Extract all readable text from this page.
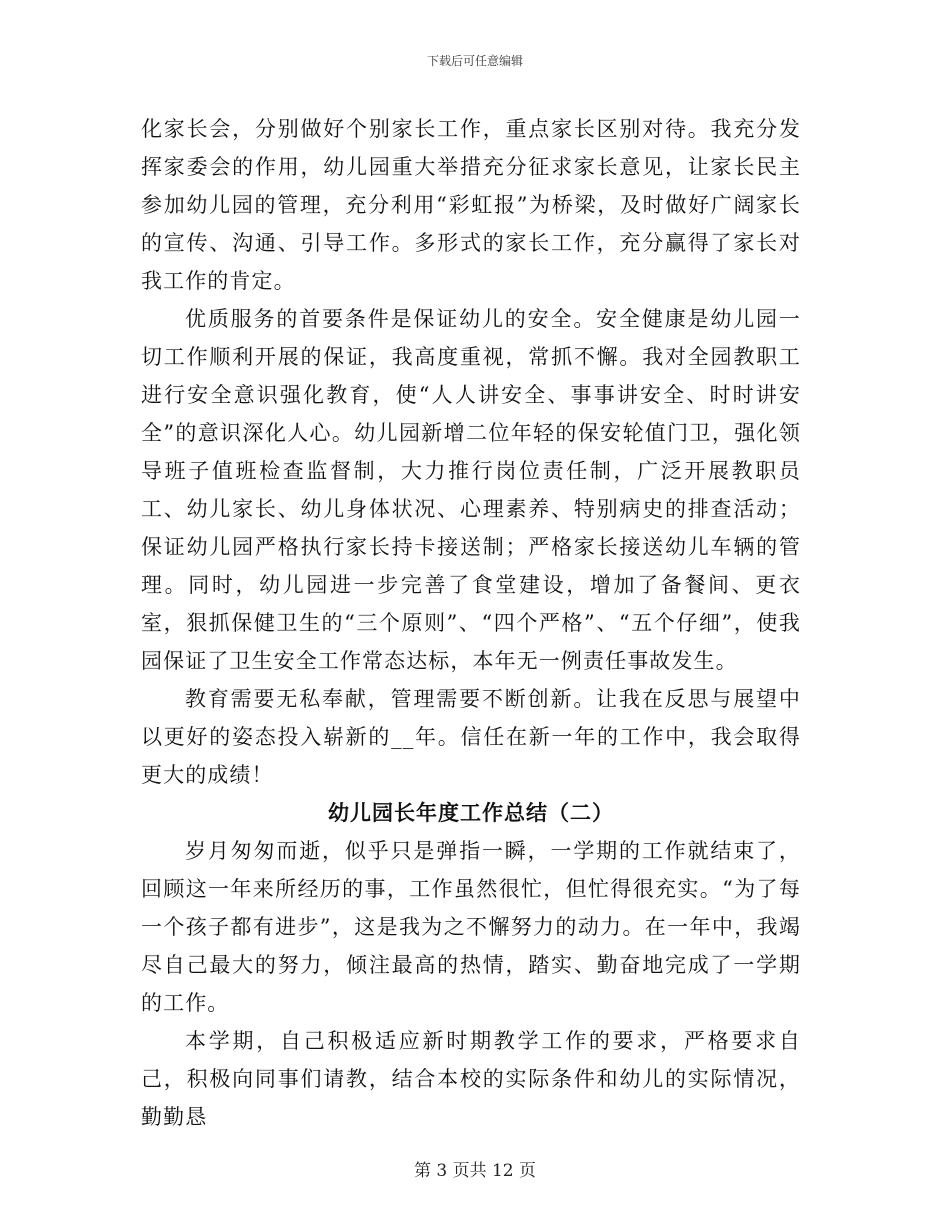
下载后可任意编辑

化家长会，分别做好个别家长工作，重点家长区别对待。我充分发挥家委会的作用，幼儿园重大举措充分征求家长意见，让家长民主参加幼儿园的管理，充分利用“彩虹报”为桥梁，及时做好广阔家长的宣传、沟通、引导工作。多形式的家长工作，充分赢得了家长对我工作的肯定。

优质服务的首要条件是保证幼儿的安全。安全健康是幼儿园一切工作顺利开展的保证，我高度重视，常抓不懈。我对全园教职工进行安全意识强化教育，使“人人讲安全、事事讲安全、时时讲安全”的意识深化人心。幼儿园新增二位年轻的保安轮值门卫，强化领导班子值班检查监督制，大力推行岗位责任制，广泛开展教职员工、幼儿家长、幼儿身体状况、心理素养、特别病史的排查活动；保证幼儿园严格执行家长持卡接送制；严格家长接送幼儿车辆的管理。同时，幼儿园进一步完善了食堂建设，增加了备餐间、更衣室，狠抓保健卫生的“三个原则”、“四个严格”、“五个仔细”，使我园保证了卫生安全工作常态达标，本年无一例责任事故发生。

教育需要无私奉献，管理需要不断创新。让我在反思与展望中以更好的姿态投入崭新的__年。信任在新一年的工作中，我会取得更大的成绩！

幼儿园长年度工作总结（二）

岁月匆匆而逝，似乎只是弹指一瞬，一学期的工作就结束了，回顾这一年来所经历的事，工作虽然很忙，但忙得很充实。“为了每一个孩子都有进步”，这是我为之不懈努力的动力。在一年中，我竭尽自己最大的努力，倾注最高的热情，踏实、勤奋地完成了一学期的工作。

本学期，自己积极适应新时期教学工作的要求，严格要求自己，积极向同事们请教，结合本校的实际条件和幼儿的实际情况，勤勤恳

第 3 页共 12 页
